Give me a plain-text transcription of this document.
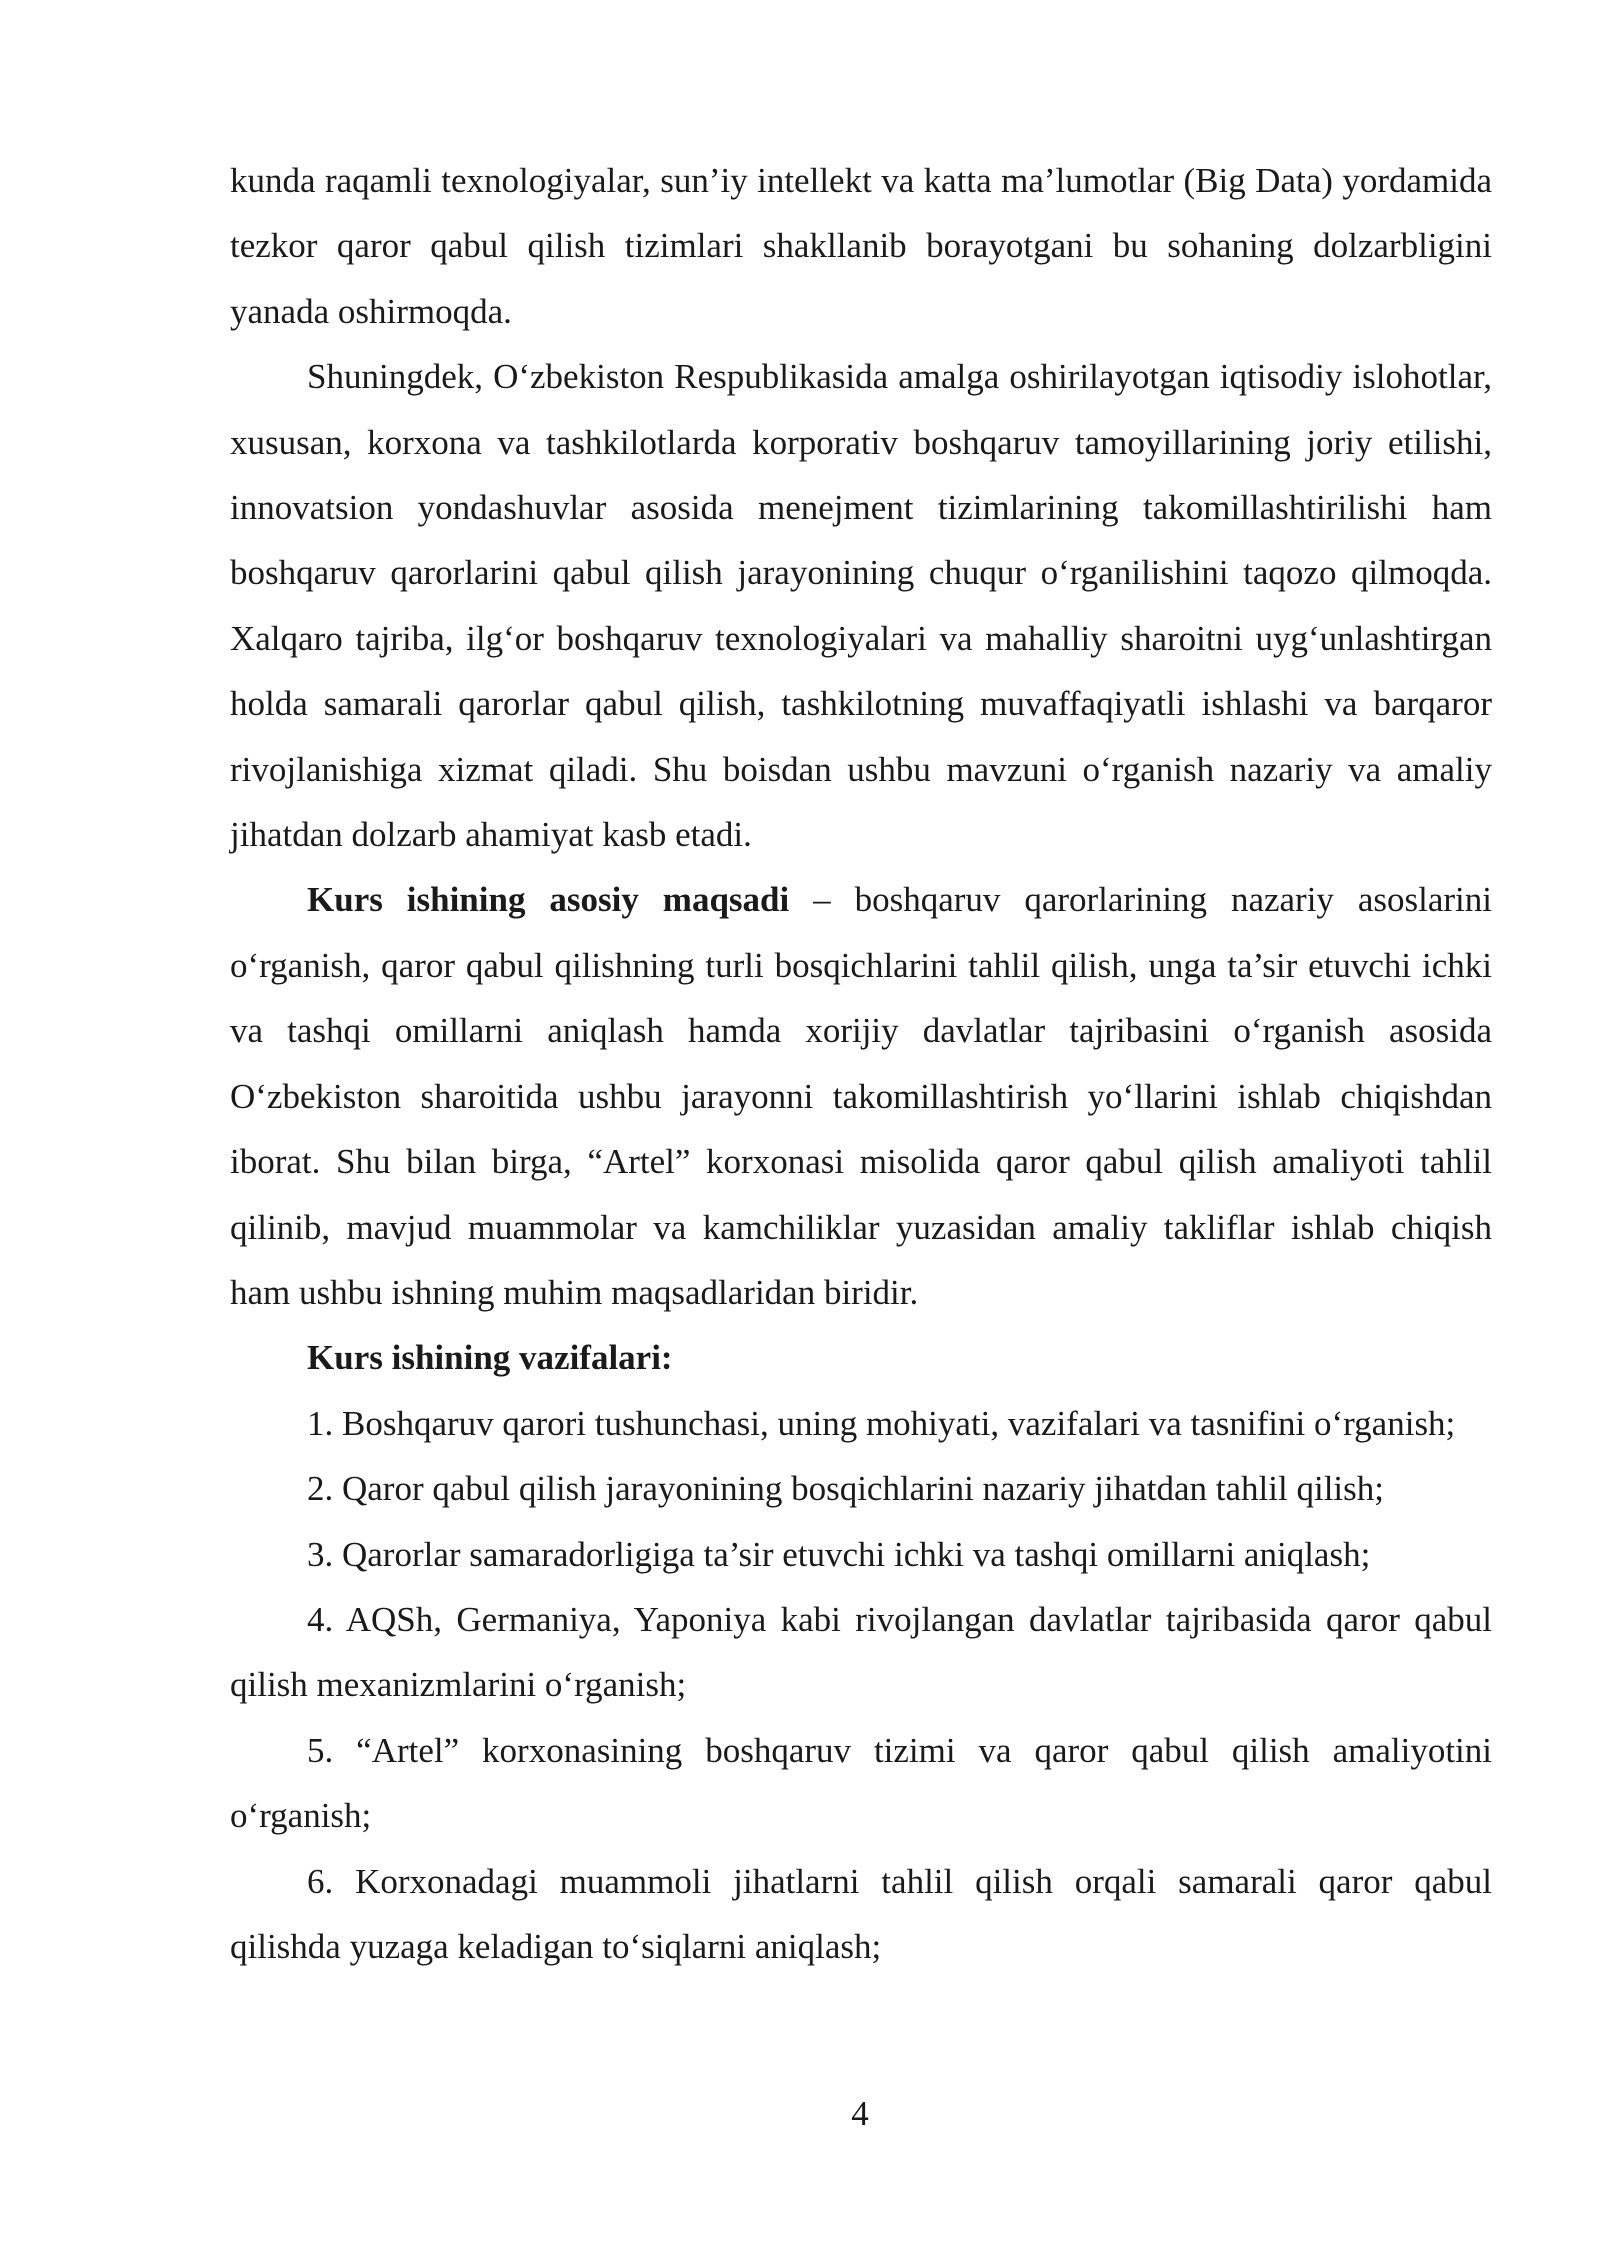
kunda raqamli texnologiyalar, sun’iy intellekt va katta ma’lumotlar (Big Data) yordamida tezkor qaror qabul qilish tizimlari shakllanib borayotgani bu sohaning dolzarbligini yanada oshirmoqda.

Shuningdek, O‘zbekiston Respublikasida amalga oshirilayotgan iqtisodiy islohotlar, xususan, korxona va tashkilotlarda korporativ boshqaruv tamoyillarining joriy etilishi, innovatsion yondashuvlar asosida menejment tizimlarining takomillashtirilishi ham boshqaruv qarorlarini qabul qilish jarayonining chuqur o‘rganilishini taqozo qilmoqda. Xalqaro tajriba, ilg‘or boshqaruv texnologiyalari va mahalliy sharoitni uyg‘unlashtirgan holda samarali qarorlar qabul qilish, tashkilotning muvaffaqiyatli ishlashi va barqaror rivojlanishiga xizmat qiladi. Shu boisdan ushbu mavzuni o‘rganish nazariy va amaliy jihatdan dolzarb ahamiyat kasb etadi.

Kurs ishining asosiy maqsadi – boshqaruv qarorlarining nazariy asoslarini o‘rganish, qaror qabul qilishning turli bosqichlarini tahlil qilish, unga ta’sir etuvchi ichki va tashqi omillarni aniqlash hamda xorijiy davlatlar tajribasini o‘rganish asosida O‘zbekiston sharoitida ushbu jarayonni takomillashtirish yo‘llarini ishlab chiqishdan iborat. Shu bilan birga, “Artel” korxonasi misolida qaror qabul qilish amaliyoti tahlil qilinib, mavjud muammolar va kamchiliklar yuzasidan amaliy takliflar ishlab chiqish ham ushbu ishning muhim maqsadlaridan biridir.

Kurs ishining vazifalari:

1. Boshqaruv qarori tushunchasi, uning mohiyati, vazifalari va tasnifini o‘rganish;

2. Qaror qabul qilish jarayonining bosqichlarini nazariy jihatdan tahlil qilish;

3. Qarorlar samaradorligiga ta’sir etuvchi ichki va tashqi omillarni aniqlash;

4. AQSh, Germaniya, Yaponiya kabi rivojlangan davlatlar tajribasida qaror qabul qilish mexanizmlarini o‘rganish;

5. “Artel” korxonasining boshqaruv tizimi va qaror qabul qilish amaliyotini o‘rganish;

6. Korxonadagi muammoli jihatlarni tahlil qilish orqali samarali qaror qabul qilishda yuzaga keladigan to‘siqlarni aniqlash;

4
